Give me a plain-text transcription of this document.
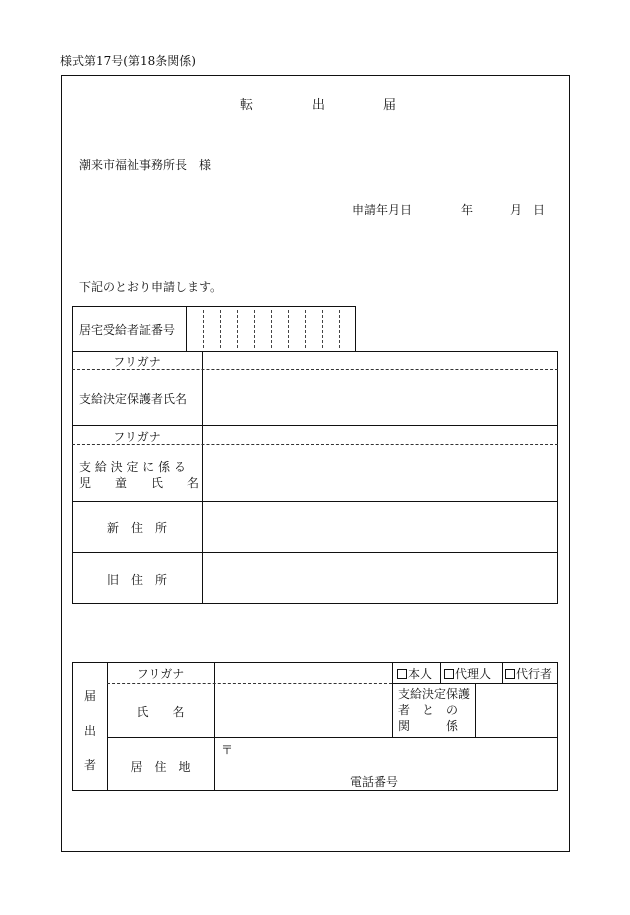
様式第17号(第18条関係)
転	出	届
潮来市福祉事務所長　様
申請年月日	年	月 日
下記のとおり申請します。
居宅受給者証番号
フリガナ
支給決定保護者氏名
フリガナ
支 給 決 定 に 係 る
児　　童　　氏　　名
新　住　所
旧　住　所
届
出
者
フリガナ	本人	代理人	代行者
氏　　名
支給決定保護
者　と　の
関　　　係
居　住　地
〒
電話番号
